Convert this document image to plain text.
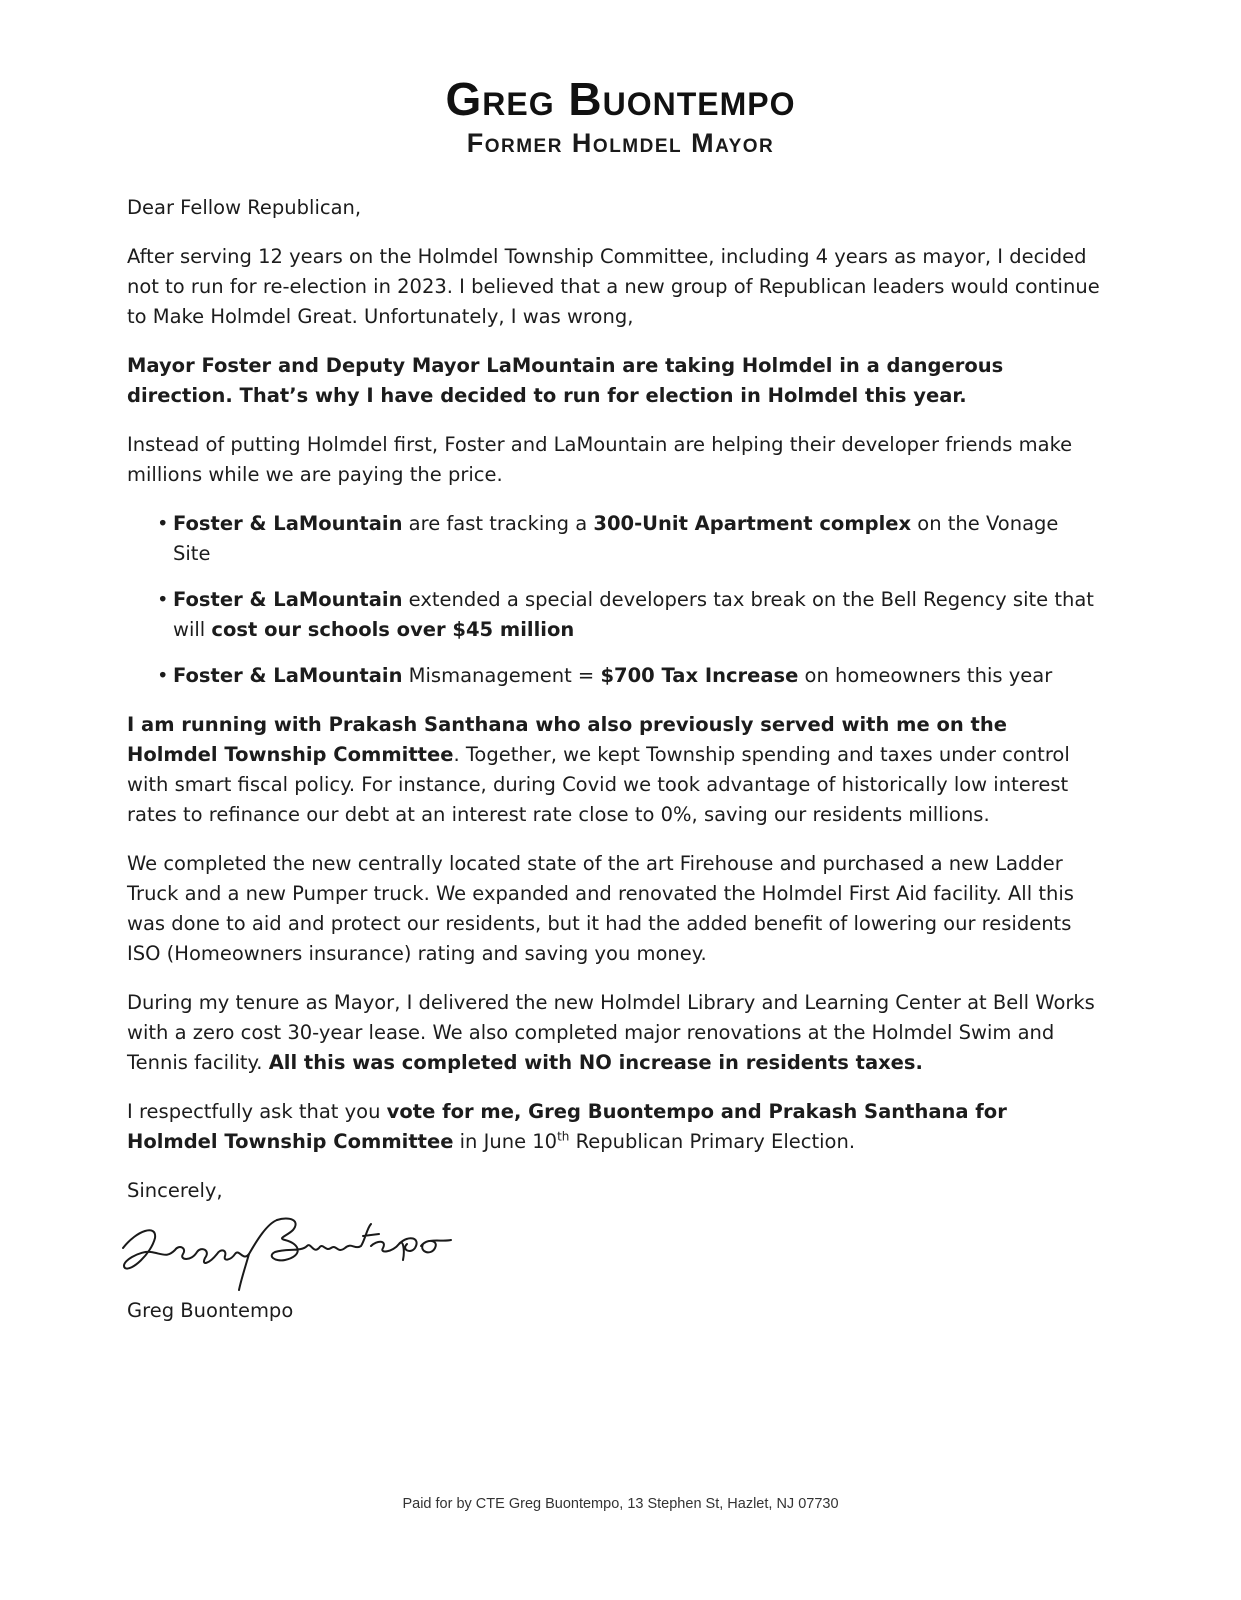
Greg Buontempo
Former Holmdel Mayor

Dear Fellow Republican,

After serving 12 years on the Holmdel Township Committee, including 4 years as mayor, I decided not to run for re-election in 2023. I believed that a new group of Republican leaders would continue to Make Holmdel Great. Unfortunately, I was wrong,

Mayor Foster and Deputy Mayor LaMountain are taking Holmdel in a dangerous direction. That’s why I have decided to run for election in Holmdel this year.

Instead of putting Holmdel first, Foster and LaMountain are helping their developer friends make millions while we are paying the price.

• Foster & LaMountain are fast tracking a 300-Unit Apartment complex on the Vonage Site
• Foster & LaMountain extended a special developers tax break on the Bell Regency site that will cost our schools over $45 million
• Foster & LaMountain Mismanagement = $700 Tax Increase on homeowners this year

I am running with Prakash Santhana who also previously served with me on the Holmdel Township Committee. Together, we kept Township spending and taxes under control with smart fiscal policy. For instance, during Covid we took advantage of historically low interest rates to refinance our debt at an interest rate close to 0%, saving our residents millions.

We completed the new centrally located state of the art Firehouse and purchased a new Ladder Truck and a new Pumper truck. We expanded and renovated the Holmdel First Aid facility. All this was done to aid and protect our residents, but it had the added benefit of lowering our residents ISO (Homeowners insurance) rating and saving you money.

During my tenure as Mayor, I delivered the new Holmdel Library and Learning Center at Bell Works with a zero cost 30-year lease. We also completed major renovations at the Holmdel Swim and Tennis facility. All this was completed with NO increase in residents taxes.

I respectfully ask that you vote for me, Greg Buontempo and Prakash Santhana for Holmdel Township Committee in June 10th Republican Primary Election.

Sincerely,

Greg Buontempo

Paid for by CTE Greg Buontempo, 13 Stephen St, Hazlet, NJ 07730
